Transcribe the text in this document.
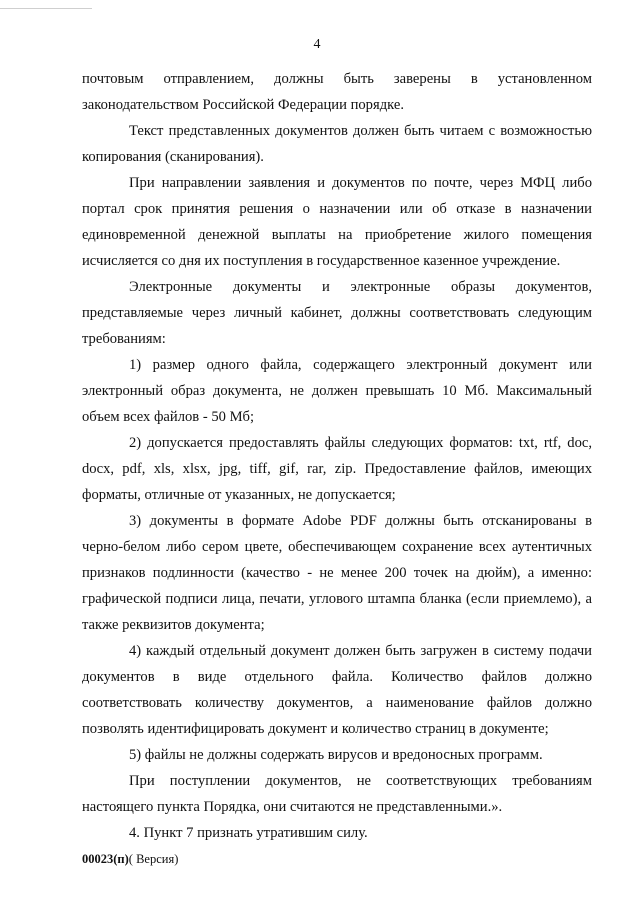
4

почтовым отправлением, должны быть заверены в установленном законодательством Российской Федерации порядке.

Текст представленных документов должен быть читаем с возможностью копирования (сканирования).

При направлении заявления и документов по почте, через МФЦ либо портал срок принятия решения о назначении или об отказе в назначении единовременной денежной выплаты на приобретение жилого помещения исчисляется со дня их поступления в государственное казенное учреждение.

Электронные документы и электронные образы документов, представляемые через личный кабинет, должны соответствовать следующим требованиям:

1) размер одного файла, содержащего электронный документ или электронный образ документа, не должен превышать 10 Мб. Максимальный объем всех файлов - 50 Мб;

2) допускается предоставлять файлы следующих форматов: txt, rtf, doc, docx, pdf, xls, xlsx, jpg, tiff, gif, rar, zip. Предоставление файлов, имеющих форматы, отличные от указанных, не допускается;

3) документы в формате Adobe PDF должны быть отсканированы в черно-белом либо сером цвете, обеспечивающем сохранение всех аутентичных признаков подлинности (качество - не менее 200 точек на дюйм), а именно: графической подписи лица, печати, углового штампа бланка (если приемлемо), а также реквизитов документа;

4) каждый отдельный документ должен быть загружен в систему подачи документов в виде отдельного файла. Количество файлов должно соответствовать количеству документов, а наименование файлов должно позволять идентифицировать документ и количество страниц в документе;

5) файлы не должны содержать вирусов и вредоносных программ.

При поступлении документов, не соответствующих требованиям настоящего пункта Порядка, они считаются не представленными.».

4. Пункт 7 признать утратившим силу.

00023(п)( Версия)
